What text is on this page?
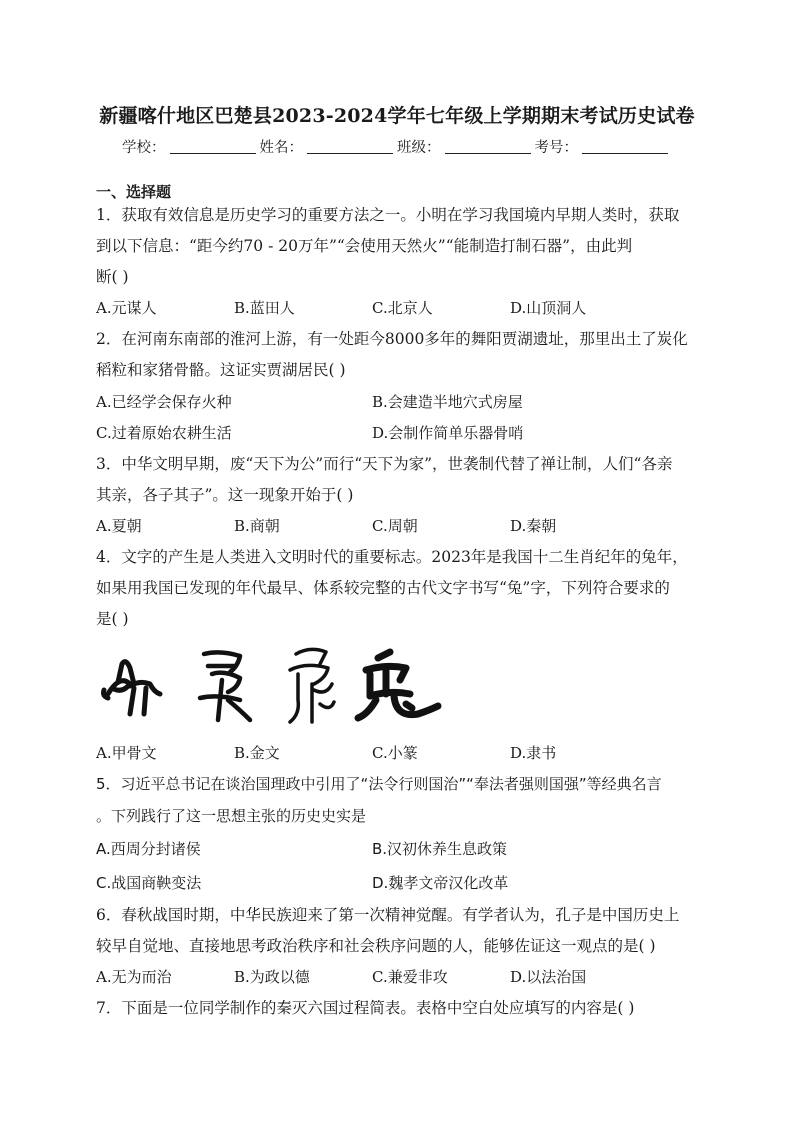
新疆喀什地区巴楚县2023-2024学年七年级上学期期末考试历史试卷
学校：	姓名：	班级：	考号：
一、选择题
1．获取有效信息是历史学习的重要方法之一。小明在学习我国境内早期人类时，获取
到以下信息：“距今约70 - 20万年”“会使用天然火”“能制造打制石器”，由此判
断( )
A.元谋人	B.蓝田人	C.北京人	D.山顶洞人
2．在河南东南部的淮河上游，有一处距今8000多年的舞阳贾湖遗址，那里出土了炭化
稻粒和家猪骨骼。这证实贾湖居民( )
A.已经学会保存火种	B.会建造半地穴式房屋
C.过着原始农耕生活	D.会制作简单乐器骨哨
3．中华文明早期，废“天下为公”而行“天下为家”，世袭制代替了禅让制，人们“各亲
其亲，各子其子”。这一现象开始于( )
A.夏朝	B.商朝	C.周朝	D.秦朝
4．文字的产生是人类进入文明时代的重要标志。2023年是我国十二生肖纪年的兔年，
如果用我国已发现的年代最早、体系较完整的古代文字书写“兔”字，下列符合要求的
是( )
A.甲骨文	B.金文	C.小篆	D.隶书
5．习近平总书记在谈治国理政中引用了“法令行则国治”“奉法者强则国强”等经典名言
。下列践行了这一思想主张的历史史实是
A.西周分封诸侯	B.汉初休养生息政策
C.战国商鞅变法	D.魏孝文帝汉化改革
6．春秋战国时期，中华民族迎来了第一次精神觉醒。有学者认为，孔子是中国历史上
较早自觉地、直接地思考政治秩序和社会秩序问题的人，能够佐证这一观点的是( )
A.无为而治	B.为政以德	C.兼爱非攻	D.以法治国
7．下面是一位同学制作的秦灭六国过程简表。表格中空白处应填写的内容是( )
